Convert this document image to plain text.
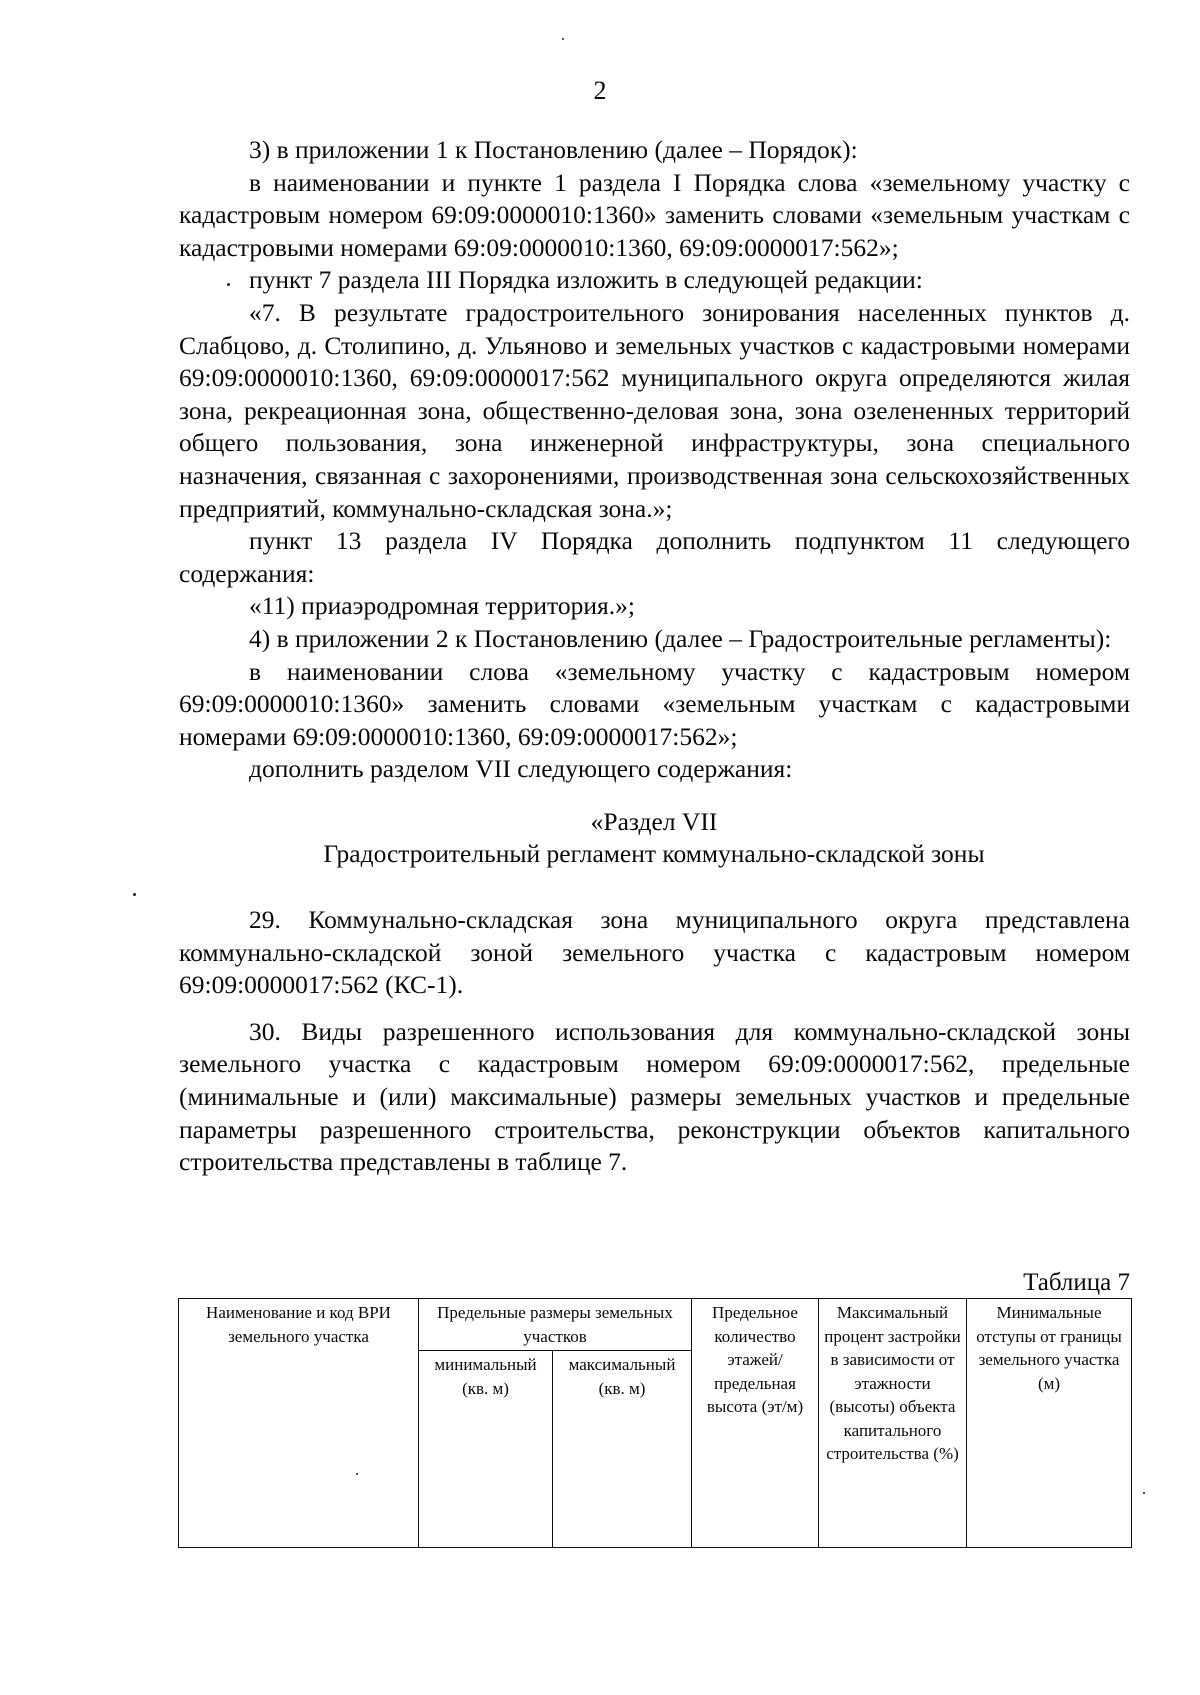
2

3) в приложении 1 к Постановлению (далее – Порядок):

в наименовании и пункте 1 раздела I Порядка слова «земельному участку с кадастровым номером 69:09:0000010:1360» заменить словами «земельным участкам с кадастровыми номерами 69:09:0000010:1360, 69:09:0000017:562»;

пункт 7 раздела III Порядка изложить в следующей редакции:

«7. В результате градостроительного зонирования населенных пунктов д. Слабцово, д. Столипино, д. Ульяново и земельных участков с кадастровыми номерами 69:09:0000010:1360, 69:09:0000017:562 муниципального округа определяются жилая зона, рекреационная зона, общественно-деловая зона, зона озелененных территорий общего пользования, зона инженерной инфраструктуры, зона специального назначения, связанная с захоронениями, производственная зона сельскохозяйственных предприятий, коммунально-складская зона.»;

пункт 13 раздела IV Порядка дополнить подпунктом 11 следующего содержания:

«11) приаэродромная территория.»;

4) в приложении 2 к Постановлению (далее – Градостроительные регламенты):

в наименовании слова «земельному участку с кадастровым номером 69:09:0000010:1360» заменить словами «земельным участкам с кадастровыми номерами 69:09:0000010:1360, 69:09:0000017:562»;

дополнить разделом VII следующего содержания:

«Раздел VII

Градостроительный регламент коммунально-складской зоны

29. Коммунально-складская зона муниципального округа представлена коммунально-складской зоной земельного участка с кадастровым номером 69:09:0000017:562 (КС-1).

30. Виды разрешенного использования для коммунально-складской зоны земельного участка с кадастровым номером 69:09:0000017:562, предельные (минимальные и (или) максимальные) размеры земельных участков и предельные параметры разрешенного строительства, реконструкции объектов капитального строительства представлены в таблице 7.

Таблица 7
Наименование и код ВРИ земельного участка	Предельные размеры земельных участков		Предельное количество этажей/ предельная высота (эт/м)	Максимальный процент застройки в зависимости от этажности (высоты) объекта капитального строительства (%)	Минимальные отступы от границы земельного участка (м)
	минимальный (кв. м)	максимальный (кв. м)			
